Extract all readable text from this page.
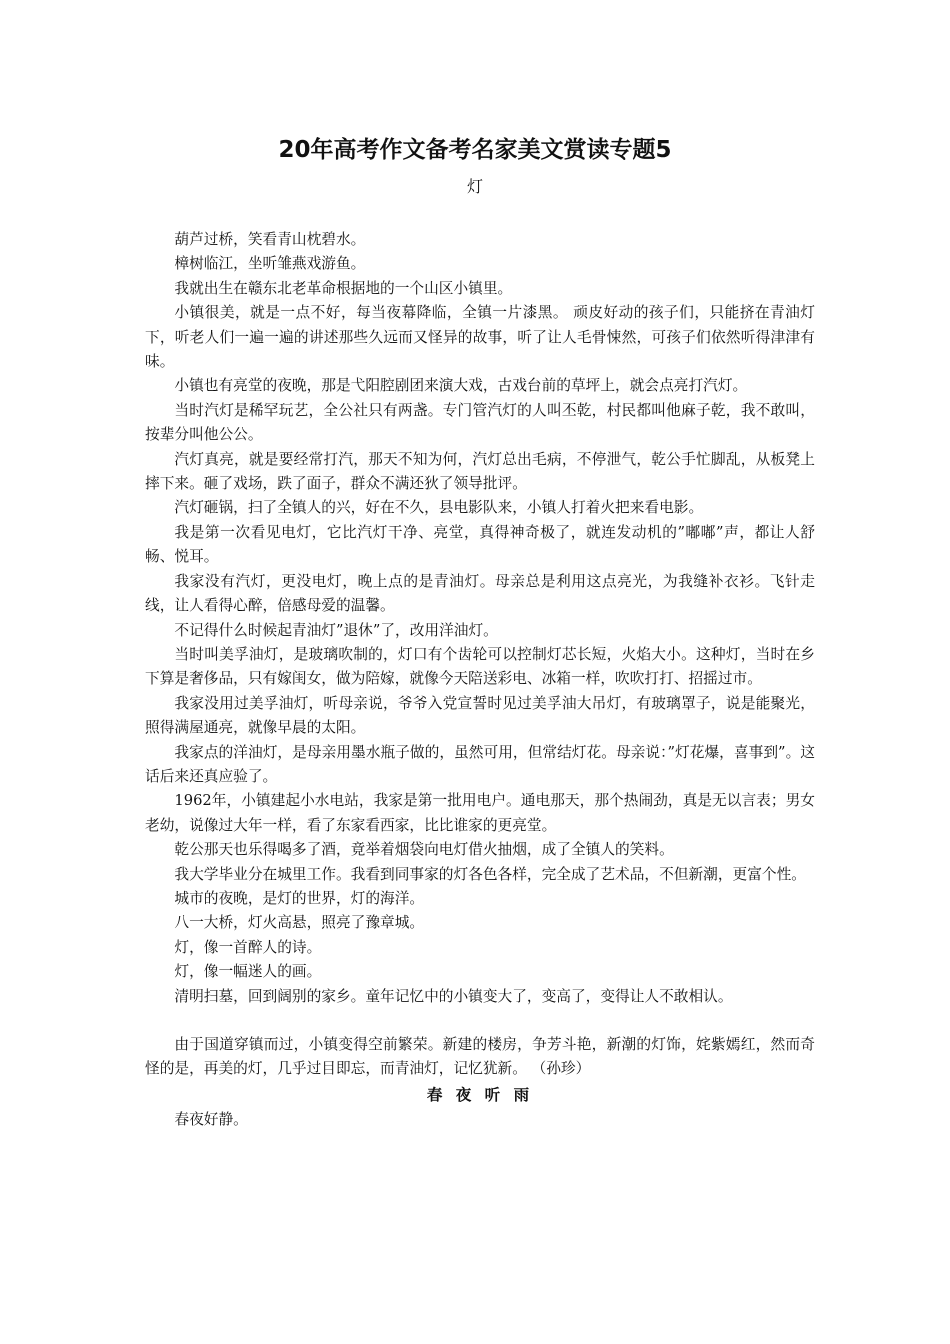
20年高考作文备考名家美文赏读专题5
灯

葫芦过桥，笑看青山枕碧水。

樟树临江，坐听雏燕戏游鱼。

我就出生在赣东北老革命根据地的一个山区小镇里。

小镇很美，就是一点不好，每当夜幕降临，全镇一片漆黑。 顽皮好动的孩子们，只能挤在青油灯下，听老人们一遍一遍的讲述那些久远而又怪异的故事，听了让人毛骨悚然，可孩子们依然听得津津有味。

小镇也有亮堂的夜晚，那是弋阳腔剧团来演大戏，古戏台前的草坪上，就会点亮打汽灯。

当时汽灯是稀罕玩艺，全公社只有两盏。专门管汽灯的人叫丕乾，村民都叫他麻子乾，我不敢叫，按辈分叫他公公。

汽灯真亮，就是要经常打汽，那天不知为何，汽灯总出毛病，不停泄气，乾公手忙脚乱，从板凳上摔下来。砸了戏场，跌了面子，群众不满还狄了领导批评。

汽灯砸锅，扫了全镇人的兴，好在不久，县电影队来，小镇人打着火把来看电影。

我是第一次看见电灯，它比汽灯干净、亮堂，真得神奇极了，就连发动机的”嘟嘟”声，都让人舒畅、悦耳。

我家没有汽灯，更没电灯，晚上点的是青油灯。母亲总是利用这点亮光，为我缝补衣衫。飞针走线，让人看得心醉，倍感母爱的温馨。

不记得什么时候起青油灯”退休”了，改用洋油灯。

当时叫美孚油灯，是玻璃吹制的，灯口有个齿轮可以控制灯芯长短，火焰大小。这种灯，当时在乡下算是奢侈品，只有嫁闺女，做为陪嫁，就像今天陪送彩电、冰箱一样，吹吹打打、招摇过市。

我家没用过美孚油灯，听母亲说，爷爷入党宣誓时见过美孚油大吊灯，有玻璃罩子，说是能聚光，照得满屋通亮，就像早晨的太阳。

我家点的洋油灯，是母亲用墨水瓶子做的，虽然可用，但常结灯花。母亲说：”灯花爆，喜事到”。这话后来还真应验了。

1962年，小镇建起小水电站，我家是第一批用电户。通电那天，那个热闹劲，真是无以言表；男女老幼，说像过大年一样，看了东家看西家，比比谁家的更亮堂。

乾公那天也乐得喝多了酒，竟举着烟袋向电灯借火抽烟，成了全镇人的笑料。

我大学毕业分在城里工作。我看到同事家的灯各色各样，完全成了艺术品，不但新潮，更富个性。

城市的夜晚，是灯的世界，灯的海洋。

八一大桥，灯火高悬，照亮了豫章城。

灯，像一首醉人的诗。

灯，像一幅迷人的画。

清明扫墓，回到阔别的家乡。童年记忆中的小镇变大了，变高了，变得让人不敢相认。

由于国道穿镇而过，小镇变得空前繁荣。新建的楼房，争芳斗艳，新潮的灯饰，姹紫嫣红，然而奇怪的是，再美的灯，几乎过目即忘，而青油灯，记忆犹新。 （孙珍）

春 夜 听 雨

春夜好静。
